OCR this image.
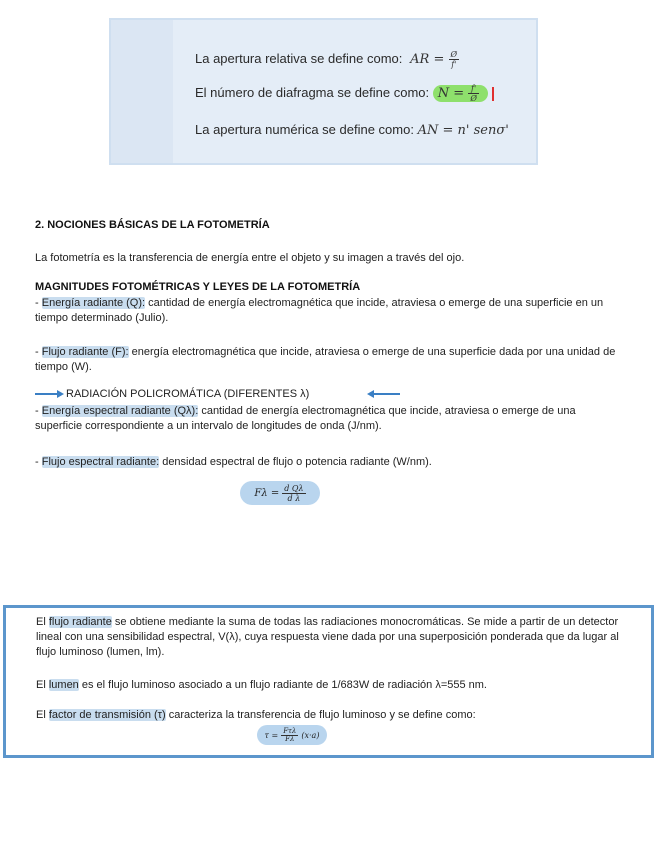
La apertura relativa se define como: AR = $\frac{Ø}{f'}$
El número de diafragma se define como: $N = \frac{f'}{Ø}$

La apertura numérica se define como: AN = n' senσ'
2. NOCIONES BÁSICAS DE LA FOTOMETRÍA
La fotometría es la transferencia de energía entre el objeto y su imagen a través del ojo.
MAGNITUDES FOTOMÉTRICAS Y LEYES DE LA FOTOMETRÍA
- Energía radiante (Q): cantidad de energía electromagnética que incide, atraviesa o emerge de una superficie en un tiempo determinado (Julio).
- Flujo radiante (F): energía electromagnética que incide, atraviesa o emerge de una superficie dada por una unidad de tiempo (W).
RADIACIÓN POLICROMÁTICA (DIFERENTES λ)
- Energía espectral radiante (Qλ): cantidad de energía electromagnética que incide, atraviesa o emerge de una superficie correspondiente a un intervalo de longitudes de onda (J/nm).
- Flujo espectral radiante: densidad espectral de flujo o potencia radiante (W/nm).
$F\lambda = \frac{\text{d Qλ}}{\text{d λ}}$
El flujo radiante se obtiene mediante la suma de todas las radiaciones monocromáticas. Se mide a partir de un detector lineal con una sensibilidad espectral, V(λ), cuya respuesta viene dada por una superposición ponderada que da lugar al flujo luminoso (lumen, lm).
El lumen es el flujo luminoso asociado a un flujo radiante de 1/683W de radiación λ=555 nm.
El factor de transmisión (τ) caracteriza la transferencia de flujo luminoso y se define como:
$\tau = \frac{\text{Fτλ}}{F\lambda} (x\cdot a)$
